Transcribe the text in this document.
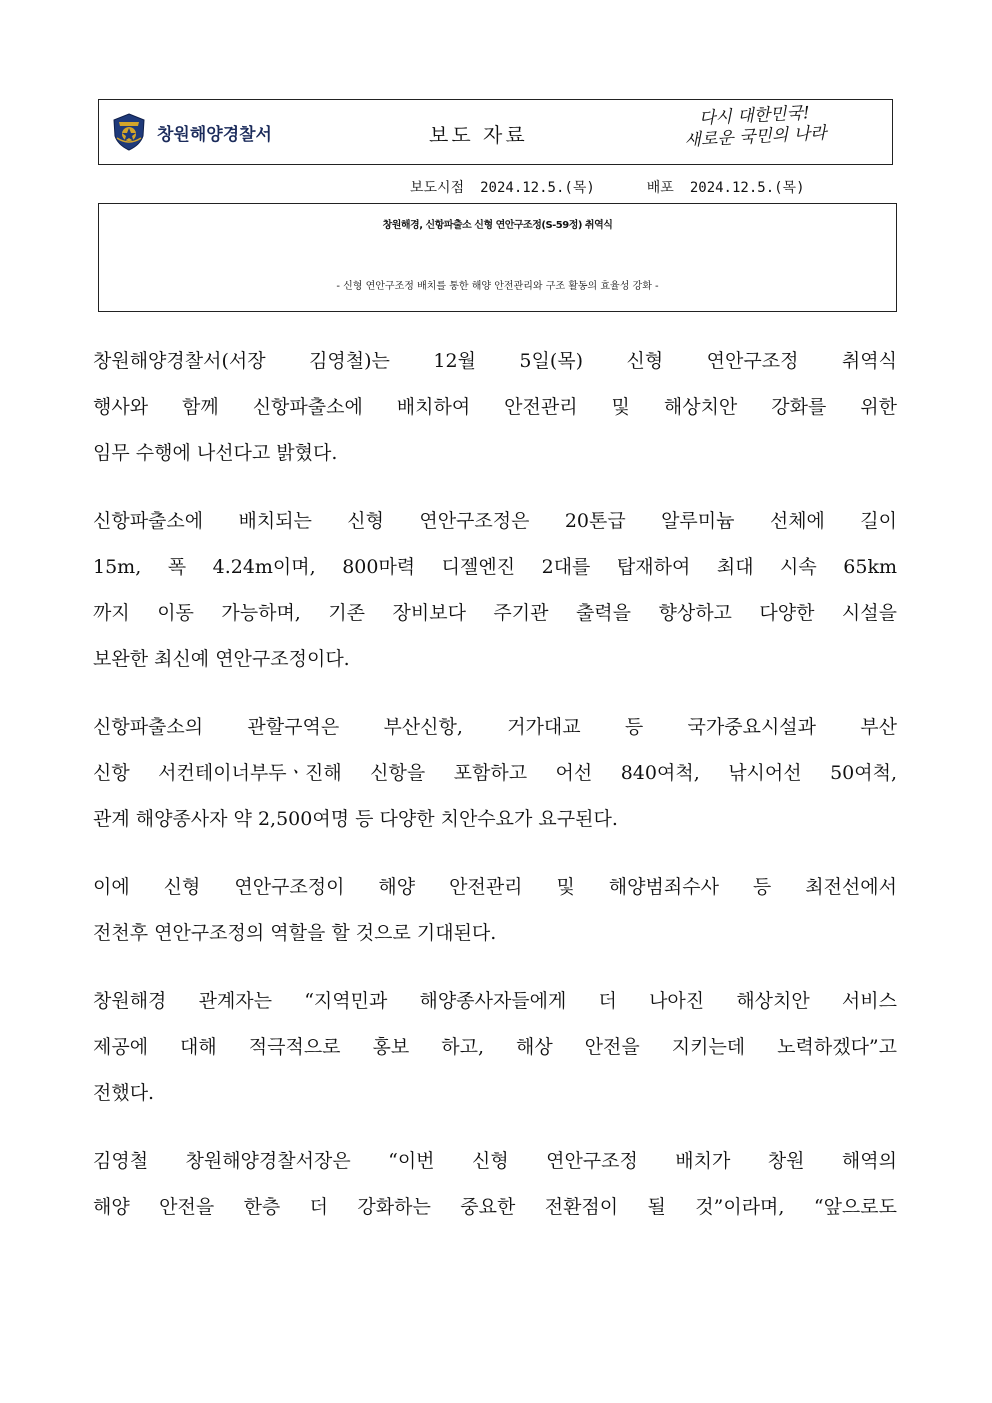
창원해양경찰서	보도 자료
다시 대한민국!
새로운 국민의 나라
보도시점 2024.12.5.(목)	배포 2024.12.5.(목)
창원해경, 신항파출소 신형 연안구조정(S-59정) 취역식
- 신형 연안구조정 배치를 통한 해양 안전관리와 구조 활동의 효율성 강화 -
창원해양경찰서(서장 김영철)는 12월 5일(목) 신형 연안구조정 취역식
행사와 함께 신항파출소에 배치하여 안전관리 및 해상치안 강화를 위한
임무 수행에 나선다고 밝혔다.
신항파출소에 배치되는 신형 연안구조정은 20톤급 알루미늄 선체에 길이
15m, 폭 4.24m이며, 800마력 디젤엔진 2대를 탑재하여 최대 시속 65km
까지 이동 가능하며, 기존 장비보다 주기관 출력을 향상하고 다양한 시설을
보완한 최신예 연안구조정이다.
신항파출소의 관할구역은 부산신항, 거가대교 등 국가중요시설과 부산
신항 서컨테이너부두ㆍ진해 신항을 포함하고 어선 840여척, 낚시어선 50여척,
관계 해양종사자 약 2,500여명 등 다양한 치안수요가 요구된다.
이에 신형 연안구조정이 해양 안전관리 및 해양범죄수사 등 최전선에서
전천후 연안구조정의 역할을 할 것으로 기대된다.
창원해경 관계자는 “지역민과 해양종사자들에게 더 나아진 해상치안 서비스
제공에 대해 적극적으로 홍보 하고, 해상 안전을 지키는데 노력하겠다”고
전했다.
김영철 창원해양경찰서장은 “이번 신형 연안구조정 배치가 창원 해역의
해양 안전을 한층 더 강화하는 중요한 전환점이 될 것”이라며, “앞으로도
